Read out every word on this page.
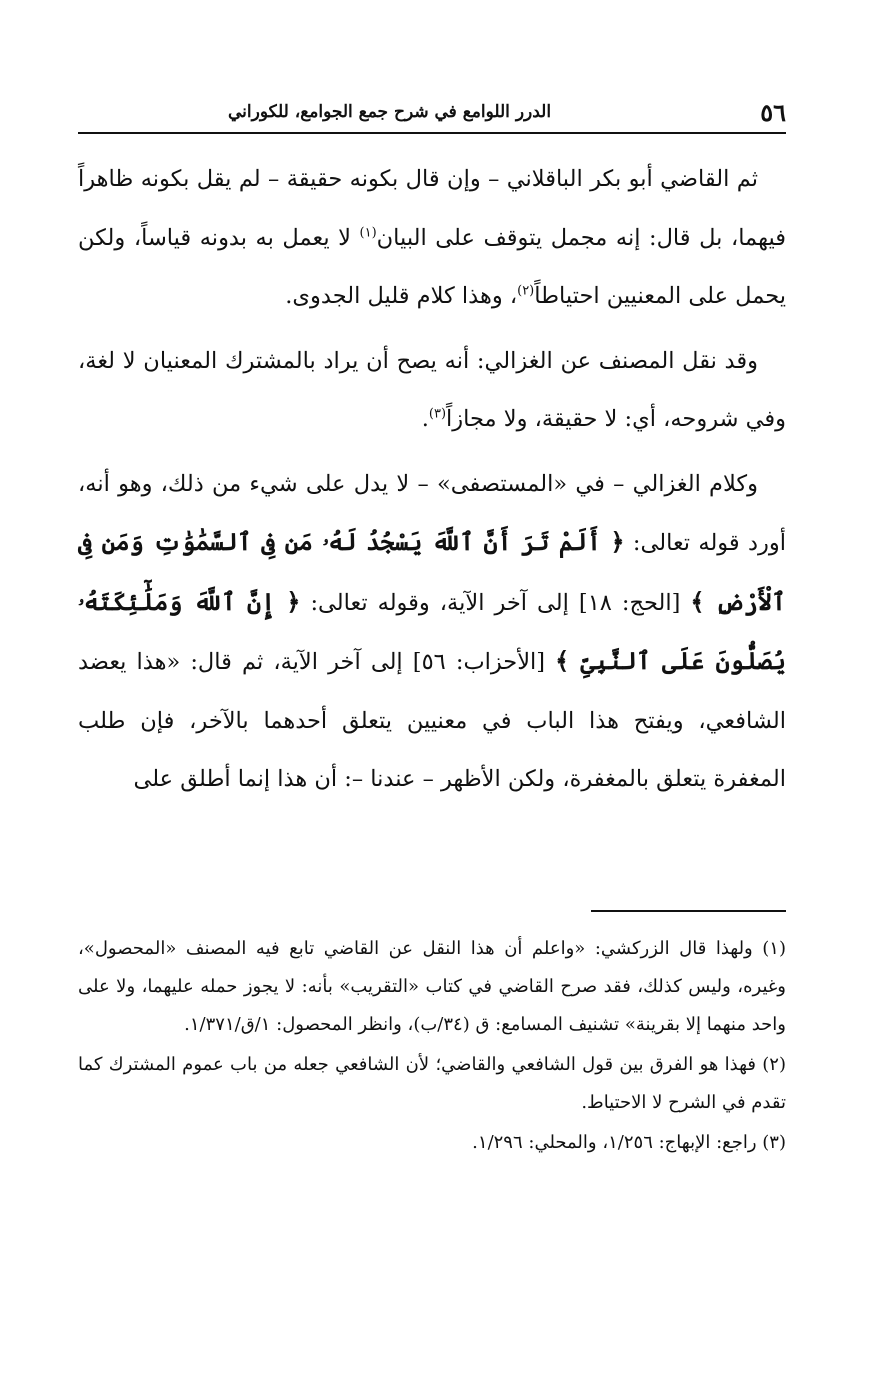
٥٦
الدرر اللوامع في شرح جمع الجوامع، للكوراني

ثم القاضي أبو بكر الباقلاني – وإن قال بكونه حقيقة – لم يقل بكونه ظاهراً فيهما، بل قال: إنه مجمل يتوقف على البيان$^{(١)}$ لا يعمل به بدونه قياساً، ولكن يحمل على المعنيين احتياطاً$^{(٢)}$، وهذا كلام قليل الجدوى.

وقد نقل المصنف عن الغزالي: أنه يصح أن يراد بالمشترك المعنيان لا لغة، وفي شروحه، أي: لا حقيقة، ولا مجازاً$^{(٣)}$.

وكلام الغزالي – في «المستصفى» – لا يدل على شيء من ذلك، وهو أنه، أورد قوله تعالى: ﴿ أَلَمْ تَرَ أَنَّ ٱللَّهَ يَسْجُدُ لَهُۥ مَن فِى ٱلسَّمَٰوَٰتِ وَمَن فِى ٱلْأَرْضِ ﴾ [الحج: ١٨] إلى آخر الآية، وقوله تعالى: ﴿ إِنَّ ٱللَّهَ وَمَلَٰٓئِكَتَهُۥ يُصَلُّونَ عَلَى ٱلنَّبِىِّ ﴾ [الأحزاب: ٥٦] إلى آخر الآية، ثم قال: «هذا يعضد الشافعي، ويفتح هذا الباب في معنيين يتعلق أحدهما بالآخر، فإن طلب المغفرة يتعلق بالمغفرة، ولكن الأظهر – عندنا –: أن هذا إنما أطلق على

(١) ولهذا قال الزركشي: «واعلم أن هذا النقل عن القاضي تابع فيه المصنف «المحصول»، وغيره، وليس كذلك، فقد صرح القاضي في كتاب «التقريب» بأنه: لا يجوز حمله عليهما، ولا على واحد منهما إلا بقرينة» تشنيف المسامع: ق (٣٤/ب)، وانظر المحصول: ١/ق/١/٣٧١.

(٢) فهذا هو الفرق بين قول الشافعي والقاضي؛ لأن الشافعي جعله من باب عموم المشترك كما تقدم في الشرح لا الاحتياط.

(٣) راجع: الإبهاج: ١/٢٥٦، والمحلي: ١/٢٩٦.
